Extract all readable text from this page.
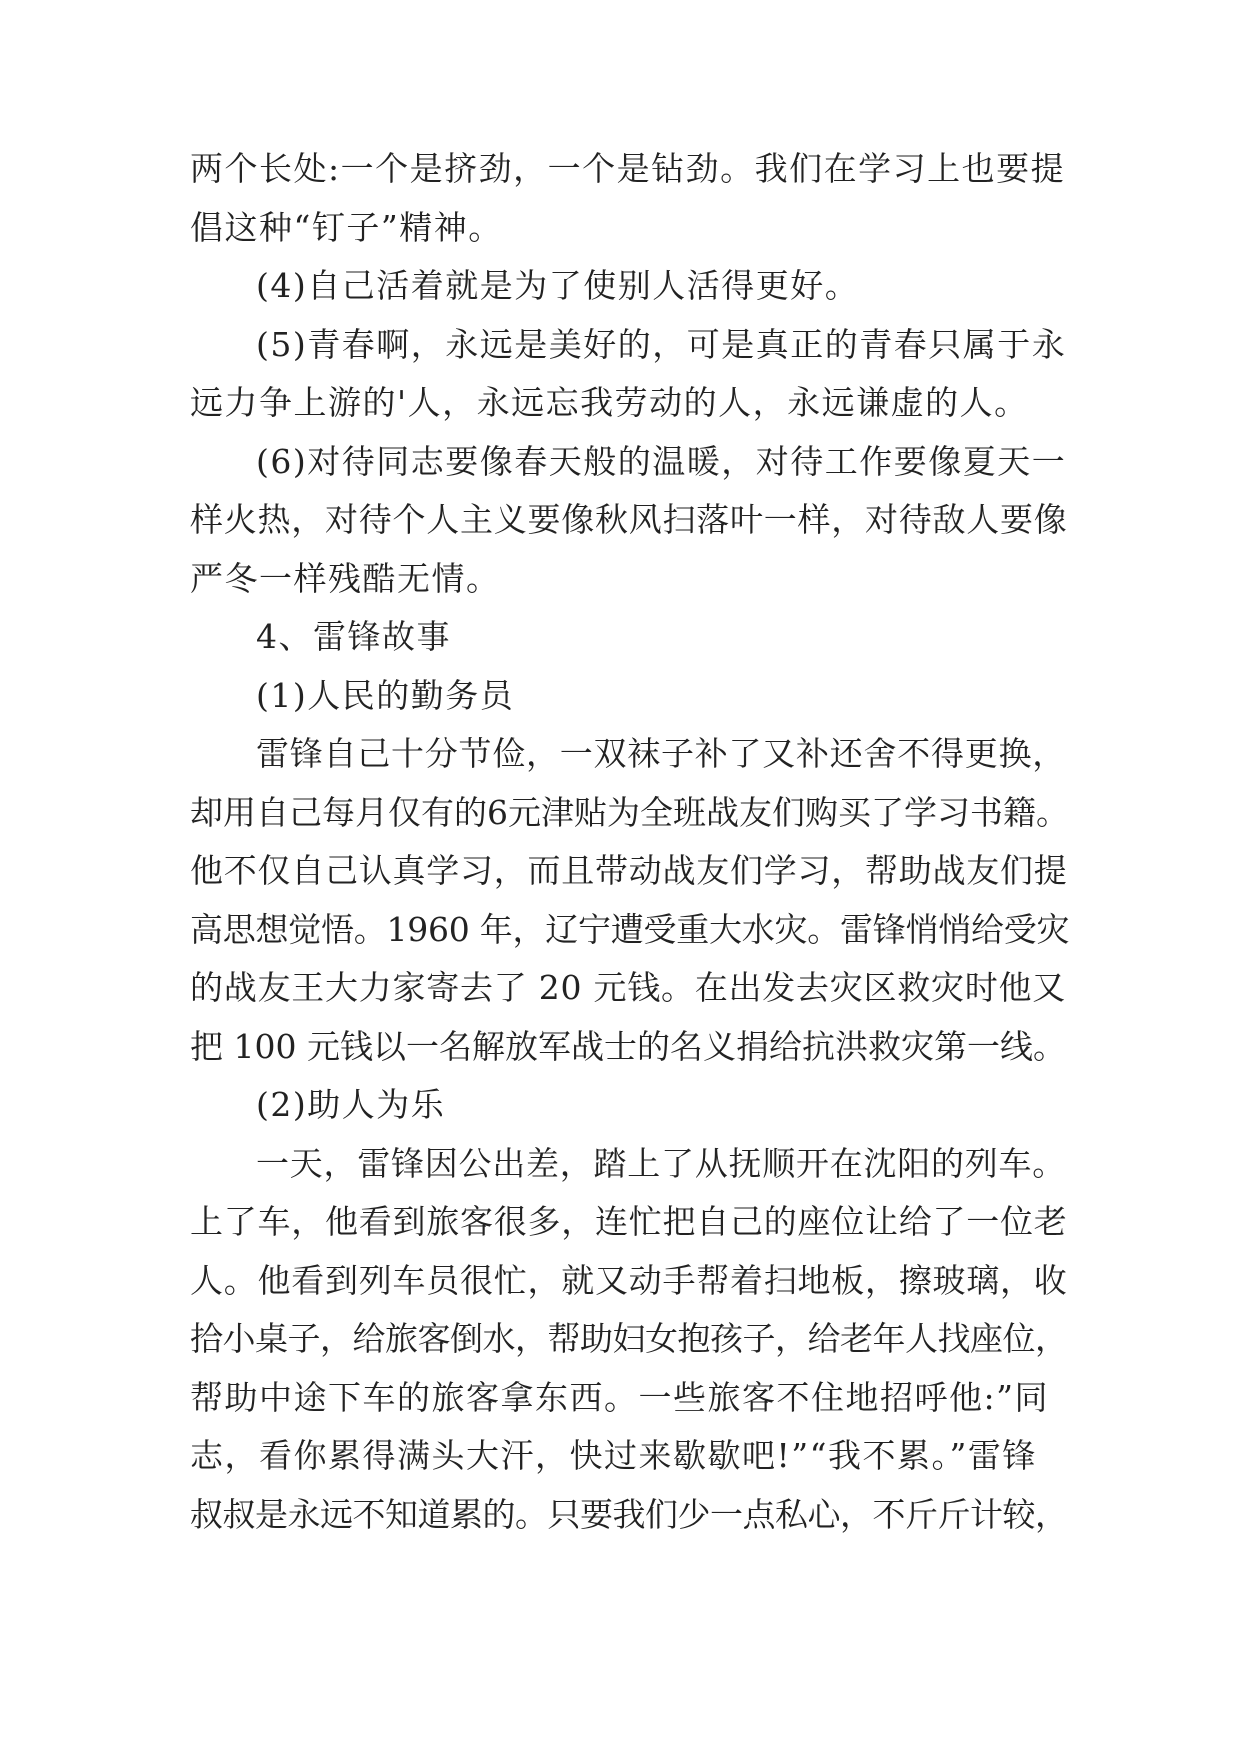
两个长处:一个是挤劲，一个是钻劲。我们在学习上也要提
倡这种“钉子”精神。
(4)自己活着就是为了使别人活得更好。
(5)青春啊，永远是美好的，可是真正的青春只属于永
远力争上游的'人，永远忘我劳动的人，永远谦虚的人。
(6)对待同志要像春天般的温暖，对待工作要像夏天一
样火热，对待个人主义要像秋风扫落叶一样，对待敌人要像
严冬一样残酷无情。
4、雷锋故事
(1)人民的勤务员
雷锋自己十分节俭，一双袜子补了又补还舍不得更换，
却用自己每月仅有的6元津贴为全班战友们购买了学习书籍。
他不仅自己认真学习，而且带动战友们学习，帮助战友们提
高思想觉悟。1960 年，辽宁遭受重大水灾。雷锋悄悄给受灾
的战友王大力家寄去了 20 元钱。在出发去灾区救灾时他又
把 100 元钱以一名解放军战士的名义捐给抗洪救灾第一线。
(2)助人为乐
一天，雷锋因公出差，踏上了从抚顺开在沈阳的列车。
上了车，他看到旅客很多，连忙把自己的座位让给了一位老
人。他看到列车员很忙，就又动手帮着扫地板，擦玻璃，收
拾小桌子，给旅客倒水，帮助妇女抱孩子，给老年人找座位，
帮助中途下车的旅客拿东西。一些旅客不住地招呼他:”同
志，看你累得满头大汗，快过来歇歇吧!”“我不累。”雷锋
叔叔是永远不知道累的。只要我们少一点私心，不斤斤计较，
